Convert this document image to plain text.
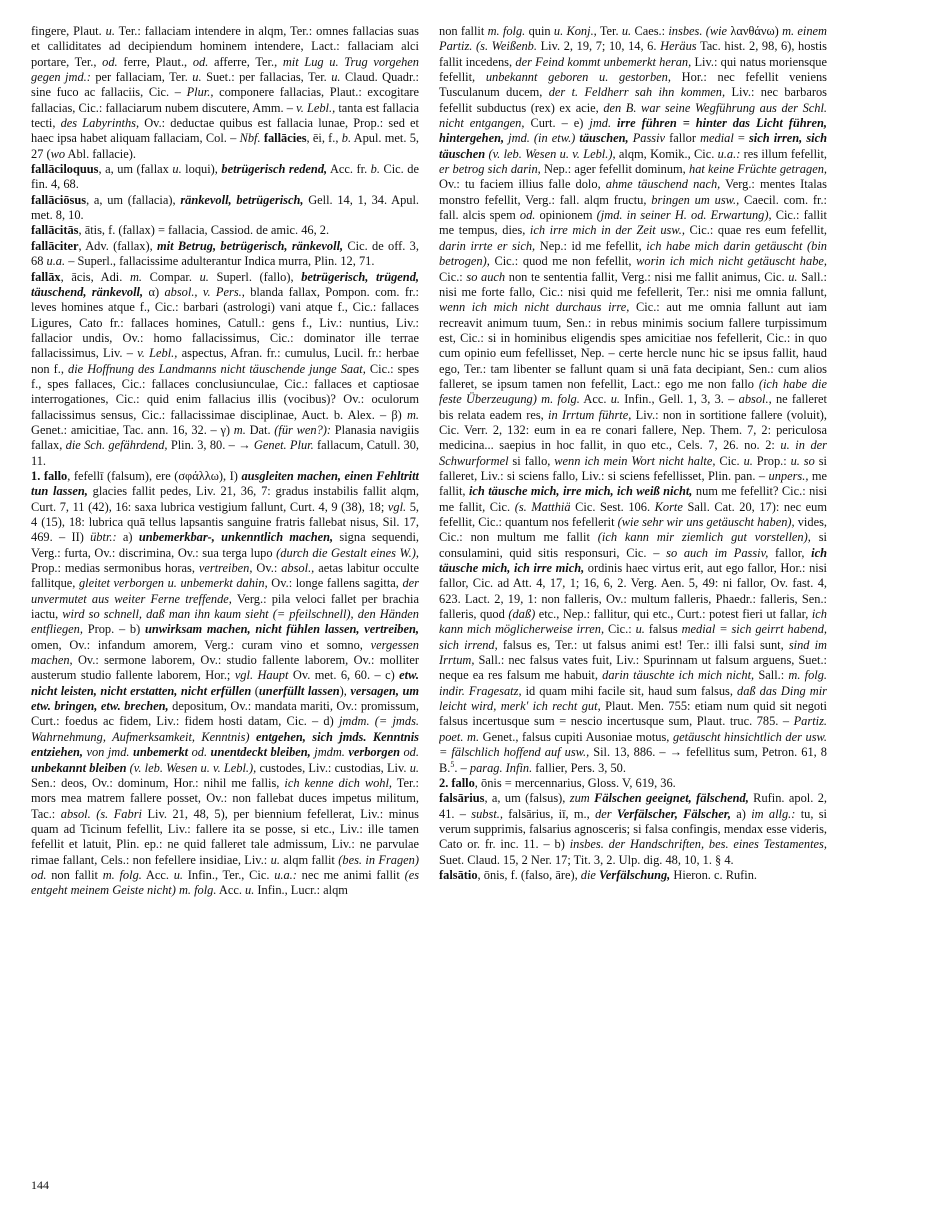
fingere, Plaut. u. Ter.: fallaciam intendere in alqm, Ter.: omnes fallacias suas et calliditates ad decipiendum hominem intendere, Lact.: fallaciam alci portare, Ter., od. ferre, Plaut., od. afferre, Ter., mit Lug u. Trug vorgehen gegen jmd.: per fallaciam, Ter. u. Suet.: per fallacias, Ter. u. Claud. Quadr.: sine fuco ac fallaciis, Cic. – Plur., componere fallacias, Plaut.: excogitare fallacias, Cic.: fallaciarum nubem discutere, Amm. – v. Lebl., tanta est fallacia tecti, des Labyrinths, Ov.: deductae quibus est fallacia lunae, Prop.: sed et haec ipsa habet aliquam fallaciam, Col. – Nbf. fallācies, ēi, f., b. Apul. met. 5, 27 (wo Abl. fallacie).

fallāciloquus, a, um (fallax u. loqui), betrügerisch redend, Acc. fr. b. Cic. de fin. 4, 68.

fallāciōsus, a, um (fallacia), ränkevoll, betrügerisch, Gell. 14, 1, 34. Apul. met. 8, 10.

fallācitās, ātis, f. (fallax) = fallacia, Cassiod. de amic. 46, 2.

fallāciter, Adv. (fallax), mit Betrug, betrügerisch, ränkevoll, Cic. de off. 3, 68 u.a. – Superl., fallacissime adulterantur Indica murra, Plin. 12, 71.

fallāx, ācis, Adi. m. Compar. u. Superl. (fallo), betrügerisch, trügend, täuschend, ränkevoll, α) absol., v. Pers., blanda fallax, Pompon. com. fr.: leves homines atque f., Cic.: barbari (astrologi) vani atque f., Cic.: fallaces Ligures, Cato fr.: fallaces homines, Catull.: gens f., Liv.: nuntius, Liv.: fallacior undis, Ov.: homo fallacissimus, Cic.: dominator ille terrae fallacissimus, Liv. – v. Lebl., aspectus, Afran. fr.: cumulus, Lucil. fr.: herbae non f., die Hoffnung des Landmanns nicht täuschende junge Saat, Cic.: spes f., spes fallaces, Cic.: fallaces conclusiunculae, Cic.: fallaces et captiosae interrogationes, Cic.: quid enim fallacius illis (vocibus)? Ov.: oculorum fallacissimus sensus, Cic.: fallacissimae disciplinae, Auct. b. Alex. – β) m. Genet.: amicitiae, Tac. ann. 16, 32. – γ) m. Dat. (für wen?): Planasia navigiis fallax, die Sch. gefährdend, Plin. 3, 80. – → Genet. Plur. fallacum, Catull. 30, 11.

1. fallo, fefellī (falsum), ere (σφάλλω), I) ausgleiten machen, einen Fehltritt tun lassen, glacies fallit pedes, Liv. 21, 36, 7: gradus instabilis fallit alqm, Curt. 7, 11 (42), 16: saxa lubrica vestigium fallunt, Curt. 4, 9 (38), 18; vgl. 5, 4 (15), 18: lubrica quā tellus lapsantis sanguine fratris fallebat nisus, Sil. 17, 469. – II) übtr.: a) unbemerkbar-, unkenntlich machen, signa sequendi, Verg.: furta, Ov.: discrimina, Ov.: sua terga lupo (durch die Gestalt eines W.), Prop.: medias sermonibus horas, vertreiben, Ov.: absol., aetas labitur occulte fallitque, gleitet verborgen u. unbemerkt dahin, Ov.: longe fallens sagitta, der unvermutet aus weiter Ferne treffende, Verg.: pila veloci fallet per brachia iactu, wird so schnell, daß man ihn kaum sieht (= pfeilschnell), den Händen entfliegen, Prop. – b) unwirksam machen, nicht fühlen lassen, vertreiben, omen, Ov.: infandum amorem, Verg.: curam vino et somno, vergessen machen, Ov.: sermone laborem, Ov.: studio fallente laborem, Ov.: molliter austerum studio fallente laborem, Hor.; vgl. Haupt Ov. met. 6, 60. – c) etw. nicht leisten, nicht erstatten, nicht erfüllen (unerfüllt lassen), versagen, um etw. bringen, etw. brechen, depositum, Ov.: mandata mariti, Ov.: promissum, Curt.: foedus ac fidem, Liv.: fidem hosti datam, Cic. – d) jmdm. (= jmds. Wahrnehmung, Aufmerksamkeit, Kenntnis) entgehen, sich jmds. Kenntnis entziehen, von jmd. unbemerkt od. unentdeckt bleiben, jmdm. verborgen od. unbekannt bleiben (v. leb. Wesen u. v. Lebl.), custodes, Liv.: custodias, Liv. u. Sen.: deos, Ov.: dominum, Hor.: nihil me fallis, ich kenne dich wohl, Ter.: mors mea matrem fallere posset, Ov.: non fallebat duces impetus militum, Tac.: absol. (s. Fabri Liv. 21, 48, 5), per biennium fefellerat, Liv.: minus quam ad Ticinum fefellit, Liv.: fallere ita se posse, si etc., Liv.: ille tamen fefellit et latuit, Plin. ep.: ne quid falleret tale admissum, Liv.: ne parvulae rimae fallant, Cels.: non fefellere insidiae, Liv.: u. alqm fallit (bes. in Fragen) od. non fallit m. folg. Acc. u. Infin., Ter., Cic. u.a.: nec me animi fallit (es entgeht meinem Geiste nicht) m. folg. Acc. u. Infin., Lucr.: alqm

non fallit m. folg. quin u. Konj., Ter. u. Caes.: insbes. (wie λανθάνω) m. einem Partiz. (s. Weißenb. Liv. 2, 19, 7; 10, 14, 6. Heräus Tac. hist. 2, 98, 6), hostis fallit incedens, der Feind kommt unbemerkt heran, Liv.: qui natus moriensque fefellit, unbekannt geboren u. gestorben, Hor.: nec fefellit veniens Tusculanum ducem, der t. Feldherr sah ihn kommen, Liv.: nec barbaros fefellit subductus (rex) ex acie, den B. war seine Wegführung aus der Schl. nicht entgangen, Curt. – e) jmd. irre führen = hinter das Licht führen, hintergehen, jmd. (in etw.) täuschen, Passiv fallor medial = sich irren, sich täuschen (v. leb. Wesen u. v. Lebl.), alqm, Komik., Cic. u.a.: res illum fefellit, er betrog sich darin, Nep.: ager fefellit dominum, hat keine Früchte getragen, Ov.: tu faciem illius falle dolo, ahme täuschend nach, Verg.: mentes Italas monstro fefellit, Verg.: fall. alqm fructu, bringen um usw., Caecil. com. fr.: fall. alcis spem od. opinionem (jmd. in seiner H. od. Erwartung), Cic.: fallit me tempus, dies, ich irre mich in der Zeit usw., Cic.: quae res eum fefellit, darin irrte er sich, Nep.: id me fefellit, ich habe mich darin getäuscht (bin betrogen), Cic.: quod me non fefellit, worin ich mich nicht getäuscht habe, Cic.: so auch non te sententia fallit, Verg.: nisi me fallit animus, Cic. u. Sall.: nisi me forte fallo, Cic.: nisi quid me fefellerit, Ter.: nisi me omnia fallunt, wenn ich mich nicht durchaus irre, Cic.: aut me omnia fallunt aut iam recreavit animum tuum, Sen.: in rebus minimis socium fallere turpissimum est, Cic.: si in hominibus eligendis spes amicitiae nos fefellerit, Cic.: in quo cum opinio eum fefellisset, Nep. – certe hercle nunc hic se ipsus fallit, haud ego, Ter.: tam libenter se fallunt quam si unā fata decipiant, Sen.: cum alios falleret, se ipsum tamen non fefellit, Lact.: ego me non fallo (ich habe die feste Überzeugung) m. folg. Acc. u. Infin., Gell. 1, 3, 3. – absol., ne falleret bis relata eadem res, in Irrtum führte, Liv.: non in sortitione fallere (voluit), Cic. Verr. 2, 132: eum in ea re conari fallere, Nep. Them. 7, 2: periculosa medicina... saepius in hoc fallit, in quo etc., Cels. 7, 26. no. 2: u. in der Schwurformel si fallo, wenn ich mein Wort nicht halte, Cic. u. Prop.: u. so si falleret, Liv.: si sciens fallo, Liv.: si sciens fefellisset, Plin. pan. – unpers., me fallit, ich täusche mich, irre mich, ich weiß nicht, num me fefellit? Cic.: nisi me fallit, Cic. (s. Matthiä Cic. Sest. 106. Korte Sall. Cat. 20, 17): nec eum fefellit, Cic.: quantum nos fefellerit (wie sehr wir uns getäuscht haben), vides, Cic.: non multum me fallit (ich kann mir ziemlich gut vorstellen), si consulamini, quid sitis responsuri, Cic. – so auch im Passiv, fallor, ich täusche mich, ich irre mich, ordinis haec virtus erit, aut ego fallor, Hor.: nisi fallor, Cic. ad Att. 4, 17, 1; 16, 6, 2. Verg. Aen. 5, 49: ni fallor, Ov. fast. 4, 623. Lact. 2, 19, 1: non falleris, Ov.: multum falleris, Phaedr.: falleris, Sen.: falleris, quod (daß) etc., Nep.: fallitur, qui etc., Curt.: potest fieri ut fallar, ich kann mich möglicherweise irren, Cic.: u. falsus medial = sich geirrt habend, sich irrend, falsus es, Ter.: ut falsus animi est! Ter.: illi falsi sunt, sind im Irrtum, Sall.: nec falsus vates fuit, Liv.: Spurinnam ut falsum arguens, Suet.: neque ea res falsum me habuit, darin täuschte ich mich nicht, Sall.: m. folg. indir. Fragesatz, id quam mihi facile sit, haud sum falsus, daß das Ding mir leicht wird, merk' ich recht gut, Plaut. Men. 755: etiam num quid sit negoti falsus incertusque sum = nescio incertusque sum, Plaut. truc. 785. – Partiz. poet. m. Genet., falsus cupiti Ausoniae motus, getäuscht hinsichtlich der usw. = fälschlich hoffend auf usw., Sil. 13, 886. – → fefellitus sum, Petron. 61, 8 B.$^5$. – parag. Infin. fallier, Pers. 3, 50.

2. fallo, ōnis = mercennarius, Gloss. V, 619, 36.

falsārius, a, um (falsus), zum Fälschen geeignet, fälschend, Rufin. apol. 2, 41. – subst., falsārius, iī, m., der Verfälscher, Fälscher, a) im allg.: tu, si verum supprimis, falsarius agnosceris; si falsa confingis, mendax esse videris, Cato or. fr. inc. 11. – b) insbes. der Handschriften, bes. eines Testamentes, Suet. Claud. 15, 2 Ner. 17; Tit. 3, 2. Ulp. dig. 48, 10, 1. § 4.

falsātio, ōnis, f. (falso, āre), die Verfälschung, Hieron. c. Rufin.

144
